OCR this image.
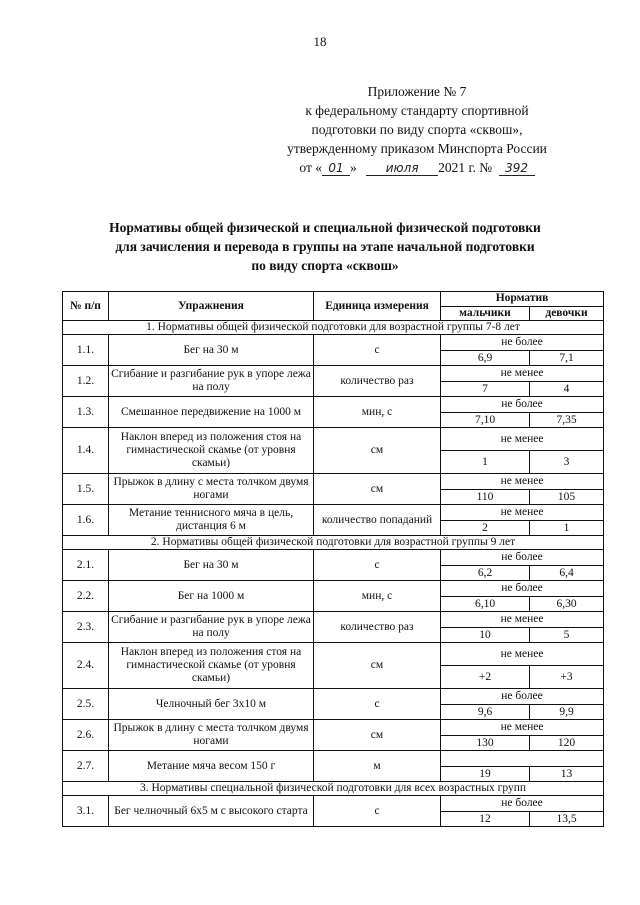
18
Приложение № 7
к федеральному стандарту спортивной
подготовки по виду спорта «сквош»,
утвержденному приказом Минспорта России
от « 01 » июля 2021 г. № 392
Нормативы общей физической и специальной физической подготовки
для зачисления и перевода в группы на этапе начальной подготовки
по виду спорта «сквош»
№ п/п	Упражнения	Единица измерения	Норматив	
			мальчики	девочки
1. Нормативы общей физической подготовки для возрастной группы 7-8 лет				
1.1.	Бег на 30 м	с	не более	
			6,9	7,1
1.2.	Сгибание и разгибание рук в упоре лежа на полу	количество раз	не менее	
			7	4
1.3.	Смешанное передвижение на 1000 м	мин, с	не более	
			7,10	7,35
1.4.	Наклон вперед из положения стоя на гимнастической скамье (от уровня скамьи)	см	не менее	
			1	3
1.5.	Прыжок в длину с места толчком двумя ногами	см	не менее	
			110	105
1.6.	Метание теннисного мяча в цель, дистанция 6 м	количество попаданий	не менее	
			2	1
2. Нормативы общей физической подготовки для возрастной группы 9 лет				
2.1.	Бег на 30 м	с	не более	
			6,2	6,4
2.2.	Бег на 1000 м	мин, с	не более	
			6,10	6,30
2.3.	Сгибание и разгибание рук в упоре лежа на полу	количество раз	не менее	
			10	5
2.4.	Наклон вперед из положения стоя на гимнастической скамье (от уровня скамьи)	см	не менее	
			+2	+3
2.5.	Челночный бег 3x10 м	с	не более	
			9,6	9,9
2.6.	Прыжок в длину с места толчком двумя ногами	см	не менее	
			130	120
2.7.	Метание мяча весом 150 г	м		
			19	13
3. Нормативы специальной физической подготовки для всех возрастных групп				
3.1.	Бег челночный 6x5 м с высокого старта	с	не более	
			12	13,5
